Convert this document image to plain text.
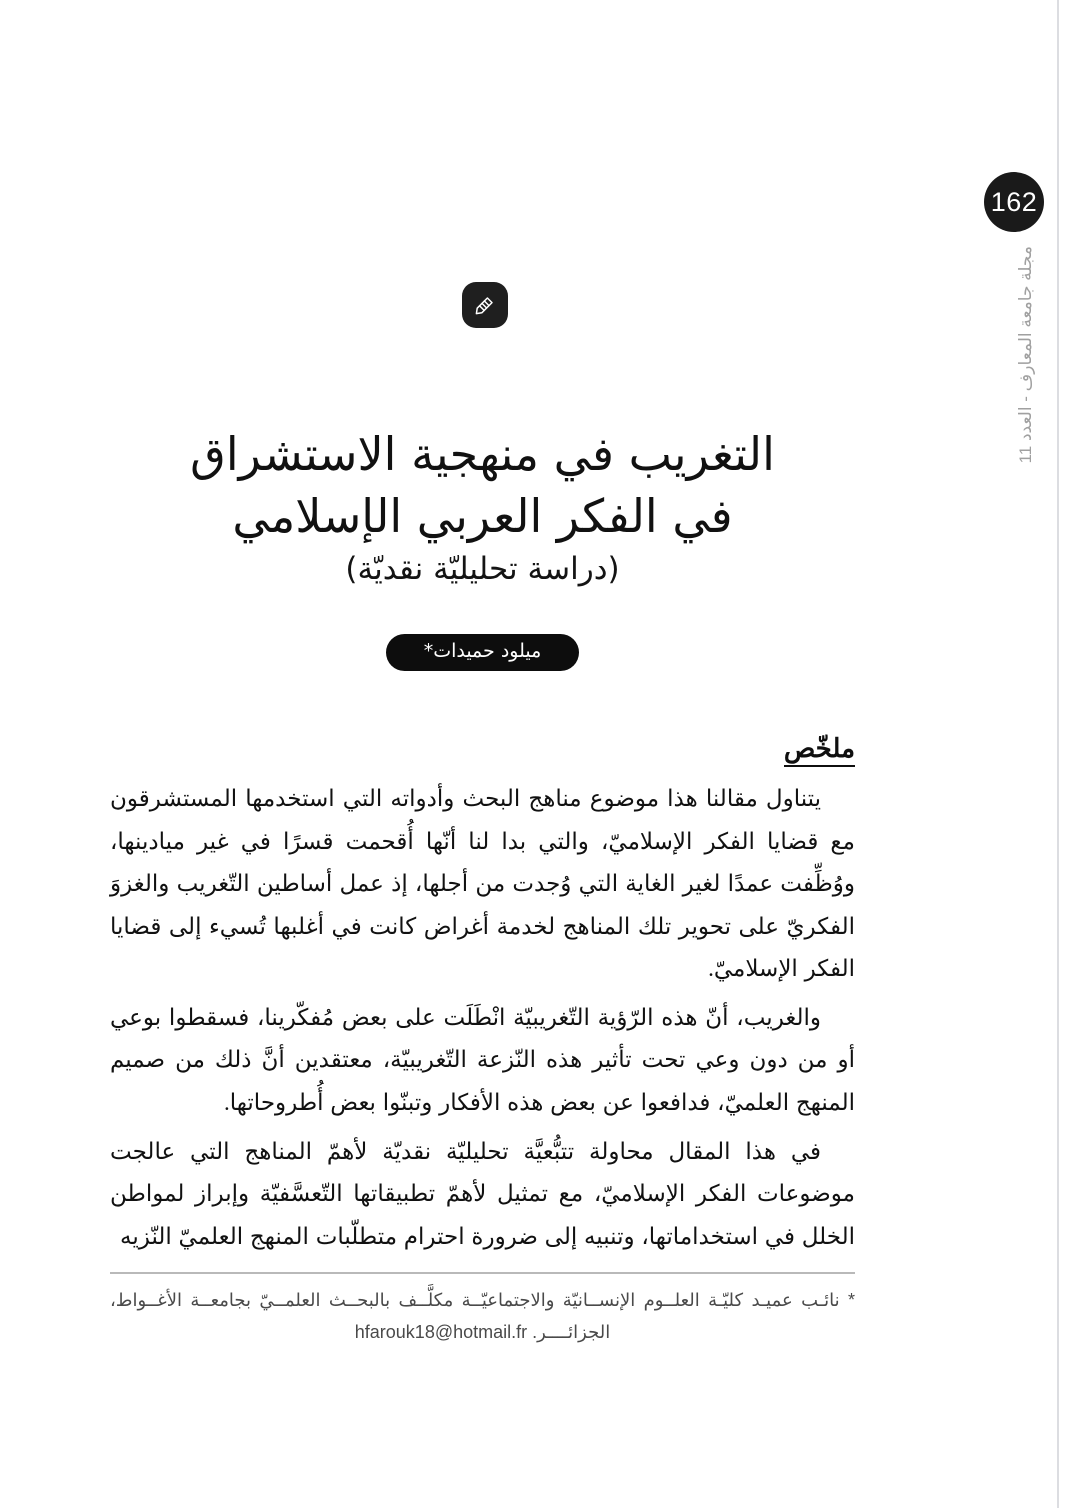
162
مجلة جامعة المعارف - العدد 11
التغريب في منهجية الاستشراق
في الفكر العربي الإسلامي

(دراسة تحليليّة نقديّة)

ميلود حميدات*
ملخّص

يتناول مقالنا هذا موضوع مناهج البحث وأدواته التي استخدمها المستشرقون مع قضايا الفكر الإسلاميّ، والتي بدا لنا أنّها أُقحمت قسرًا في غير ميادينها، ووُظِّفت عمدًا لغير الغاية التي وُجدت من أجلها، إذ عمل أساطين التّغريب والغزوَ الفكريّ على تحوير تلك المناهج لخدمة أغراض كانت في أغلبها تُسيء إلى قضايا الفكر الإسلاميّ.

والغريب، أنّ هذه الرّؤية التّغريبيّة انْطَلَت على بعض مُفكّرينا، فسقطوا بوعي أو من دون وعي تحت تأثير هذه النّزعة التّغريبيّة، معتقدين أنَّ ذلك من صميم المنهج العلميّ، فدافعوا عن بعض هذه الأفكار وتبنّوا بعض أُطروحاتها.

في هذا المقال محاولة تتبُّعيَّة تحليليّة نقديّة لأهمّ المناهج التي عالجت موضوعات الفكر الإسلاميّ، مع تمثيل لأهمّ تطبيقاتها التّعسَّفيّة وإبراز لمواطن الخلل في استخداماتها، وتنبيه إلى ضرورة احترام متطلّبات المنهج العلميّ النّزيه

* نائـب عميـد كليّـة العلــوم الإنســانيّة والاجتماعيّــة مكلَّــف بالبحــث العلمــيّ بجامعــة الأغــواط، الجزائــــر. hfarouk18@hotmail.fr
